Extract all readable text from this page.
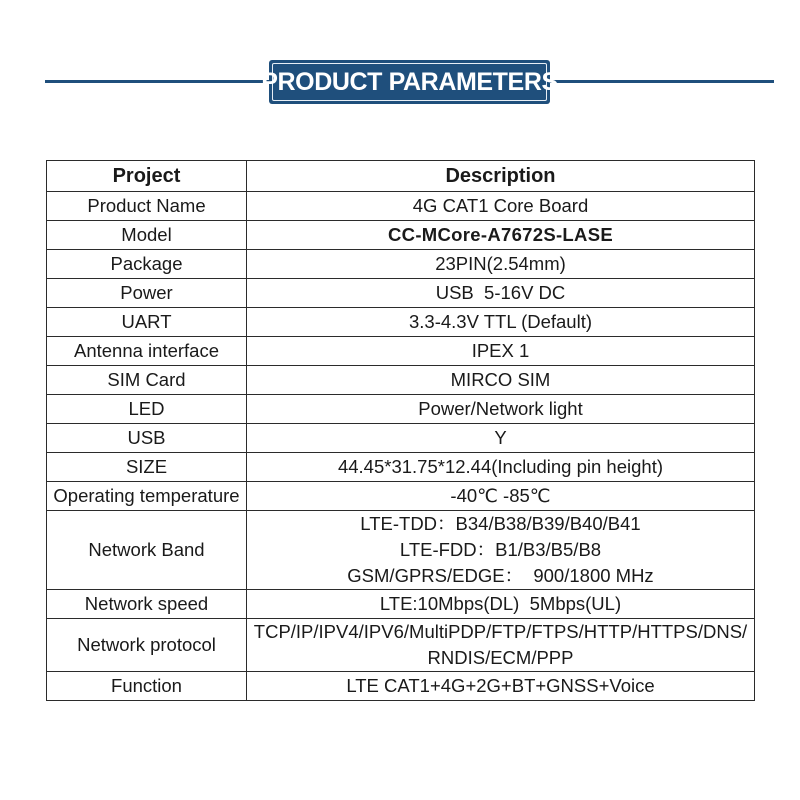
PRODUCT PARAMETERS
Project	Description
Product Name	4G CAT1 Core Board
Model	CC-MCore-A7672S-LASE
Package	23PIN(2.54mm)
Power	USB  5-16V DC
UART	3.3-4.3V TTL (Default)
Antenna interface	IPEX 1
SIM Card	MIRCO SIM
LED	Power/Network light
USB	Y
SIZE	44.45*31.75*12.44(Including pin height)
Operating temperature	-40℃ -85℃
Network Band	LTE-TDD：B34/B38/B39/B40/B41
LTE-FDD：B1/B3/B5/B8
GSM/GPRS/EDGE：  900/1800 MHz

Network speed	LTE:10Mbps(DL)  5Mbps(UL)
Network protocol	TCP/IP/IPV4/IPV6/MultiPDP/FTP/FTPS/HTTP/HTTPS/DNS/RNDIS/ECM/PPP
Function	LTE CAT1+4G+2G+BT+GNSS+Voice
